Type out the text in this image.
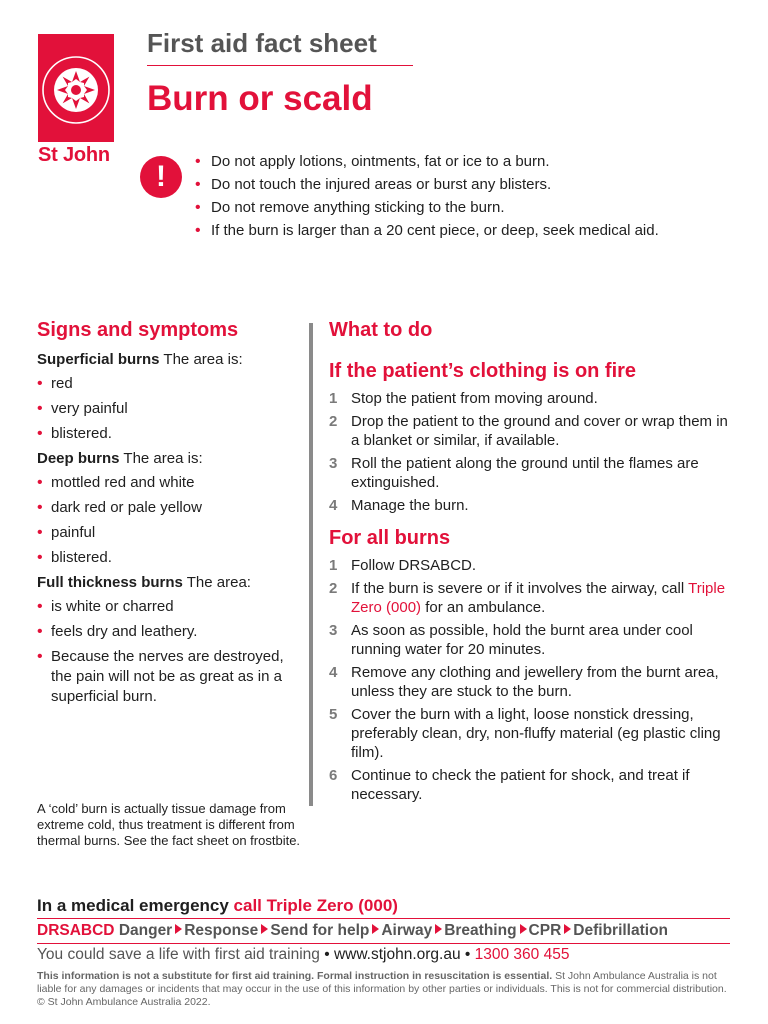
St John
First aid fact sheet
Burn or scald
!
•	Do not apply lotions, ointments, fat or ice to a burn.
• Do not touch the injured areas or burst any blisters.
• Do not remove anything sticking to the burn.
• If the burn is larger than a 20 cent piece, or deep, seek medical aid.
Signs and symptoms

Superficial burns The area is:

• red
• very painful
• blistered.

Deep burns The area is:

• mottled red and white
• dark red or pale yellow
• painful
• blistered.

Full thickness burns The area:

• is white or charred
• feels dry and leathery.
• Because the nerves are destroyed, the pain will not be as great as in a superficial burn.

A ‘cold’ burn is actually tissue damage from extreme cold, thus treatment is different from thermal burns. See the fact sheet on frostbite.

What to do
If the patient’s clothing is on fire
1 Stop the patient from moving around.
2 Drop the patient to the ground and cover or wrap them in a blanket or similar, if available.
3 Roll the patient along the ground until the flames are extinguished.
4 Manage the burn.
For all burns
1 Follow DRSABCD.
2 If the burn is severe or if it involves the airway, call Triple Zero (000) for an ambulance.
3 As soon as possible, hold the burnt area under cool running water for 20 minutes.
4 Remove any clothing and jewellery from the burnt area, unless they are stuck to the burn.
5 Cover the burn with a light, loose nonstick dressing, preferably clean, dry, non-fluffy material (eg plastic cling film).
6 Continue to check the patient for shock, and treat if necessary.
In a medical emergency call Triple Zero (000)
DRSABCD Danger Response Send for help Airway Breathing CPR Defibrillation
You could save a life with first aid training • www.stjohn.org.au • 1300 360 455

This information is not a substitute for first aid training. Formal instruction in resuscitation is essential. St John Ambulance Australia is not liable for any damages or incidents that may occur in the use of this information by other parties or individuals. This is not for commercial distribution. © St John Ambulance Australia 2022.
